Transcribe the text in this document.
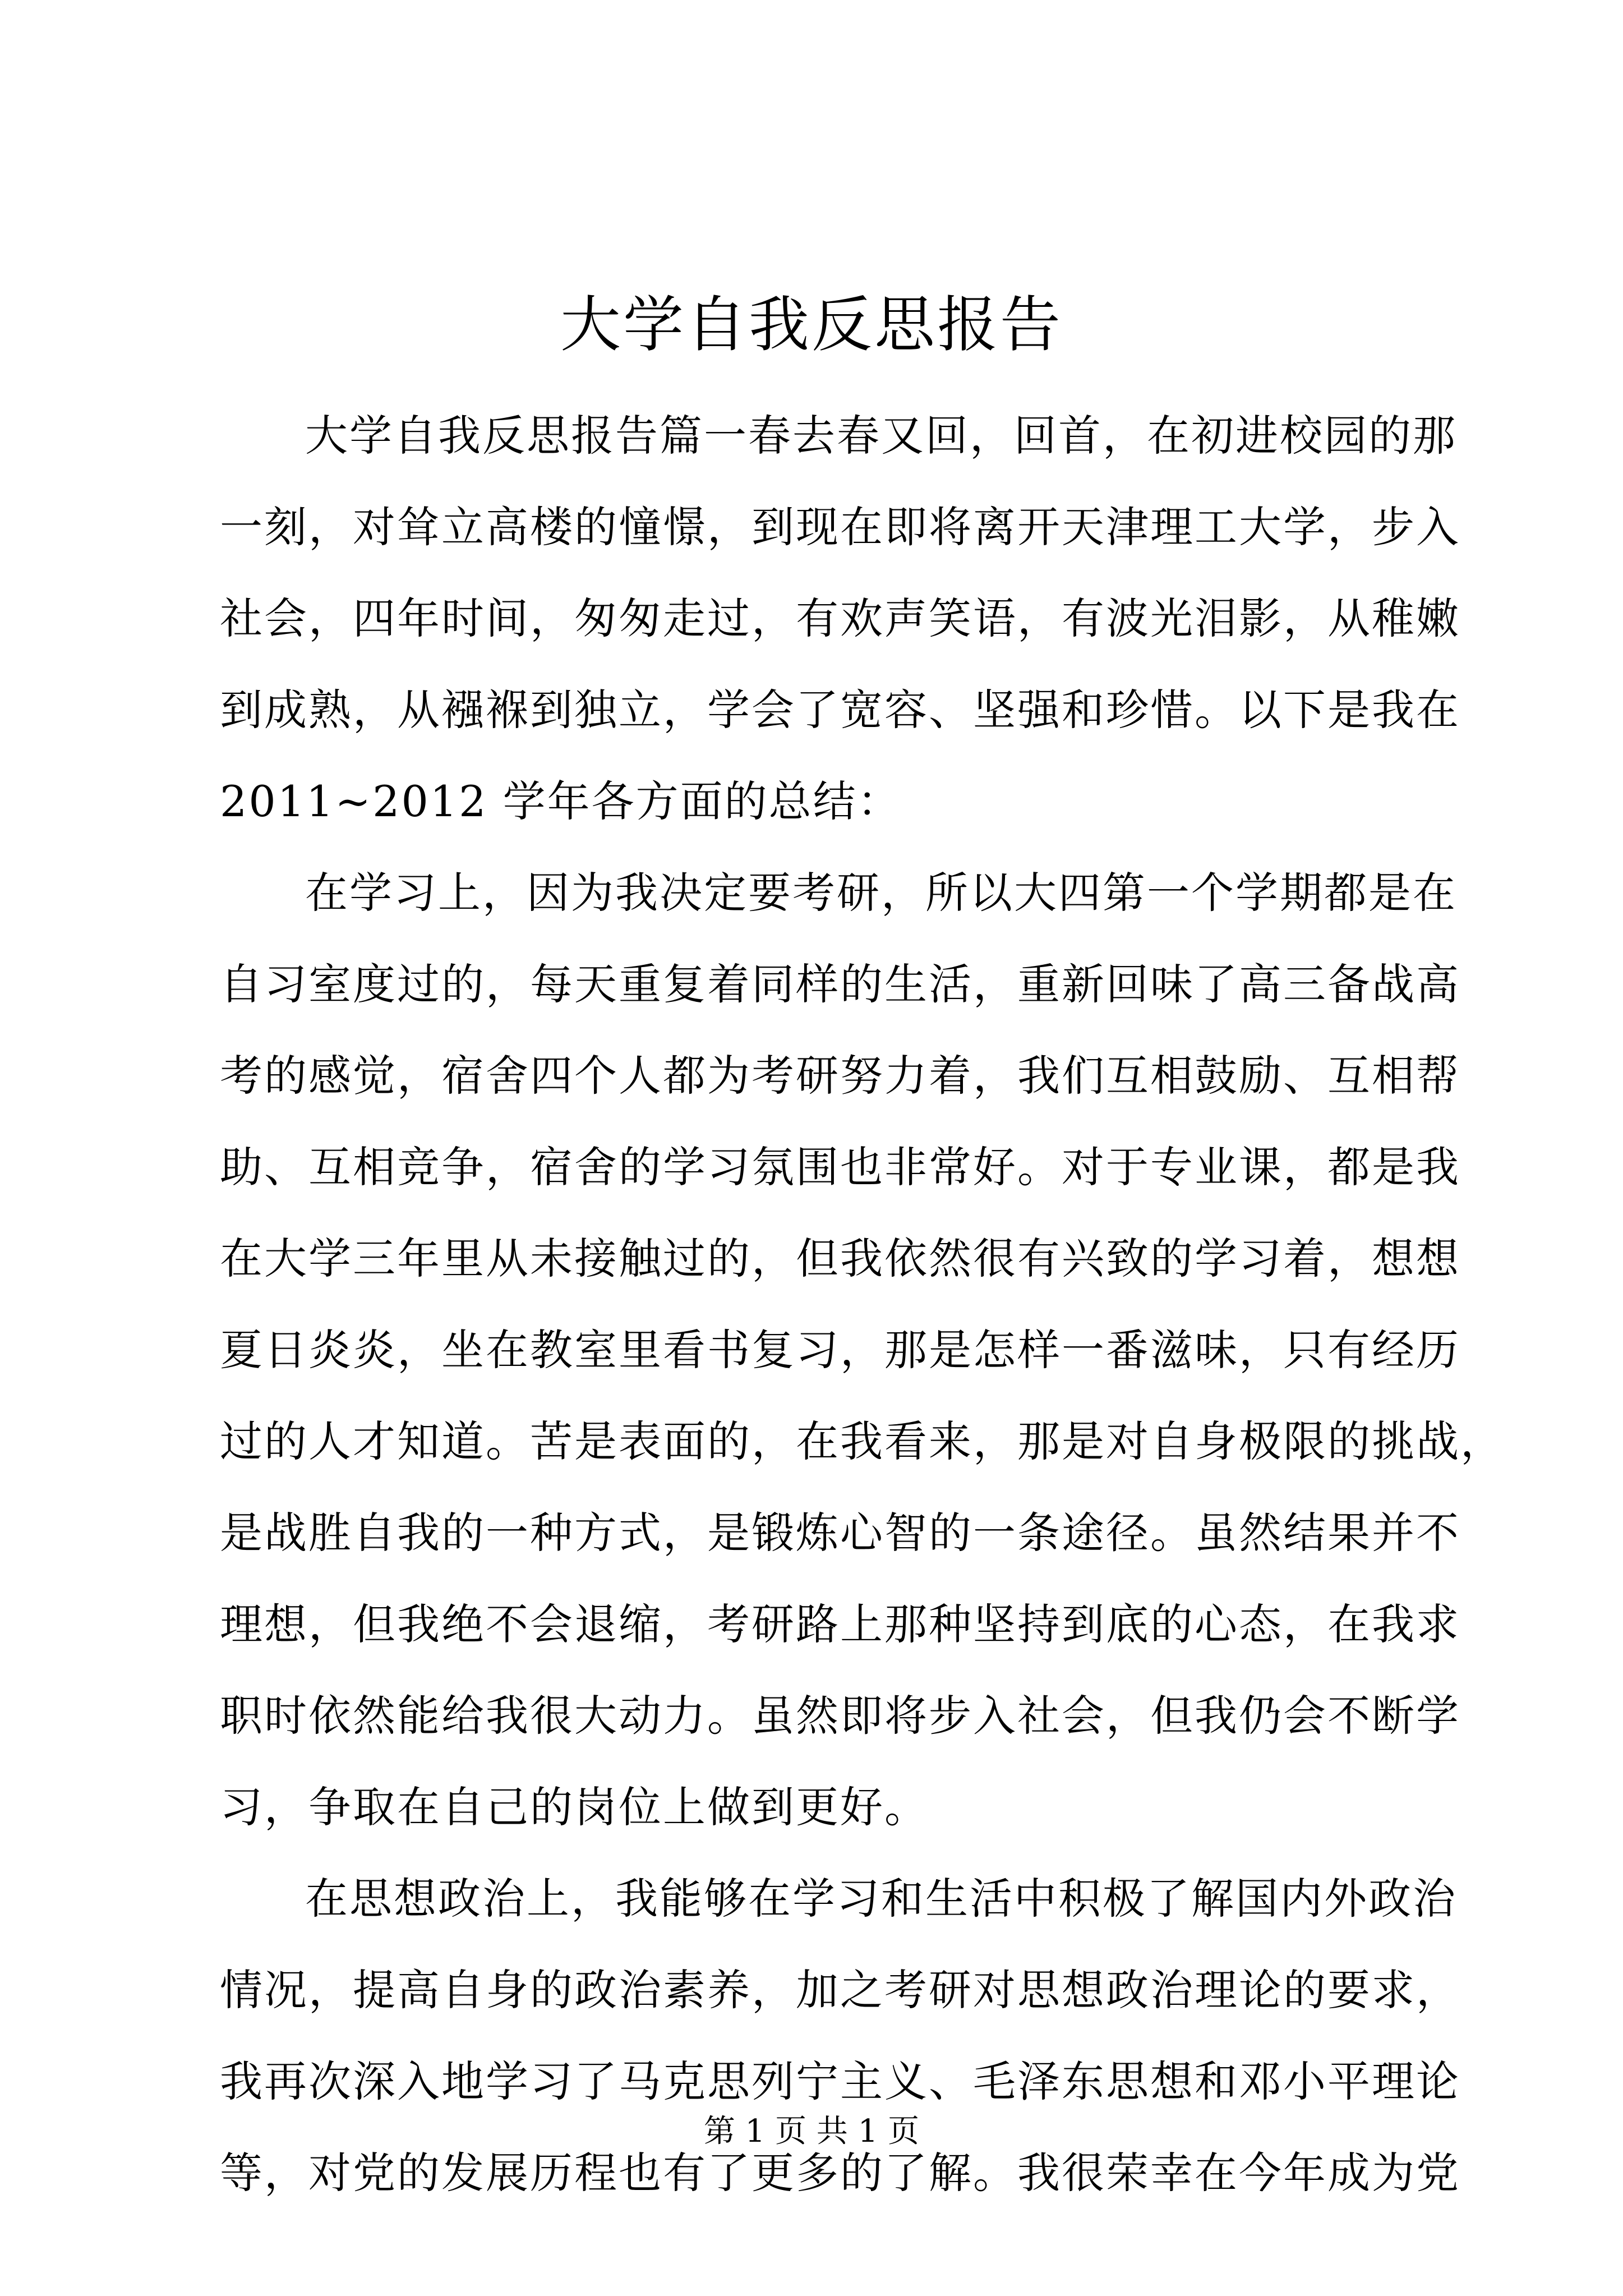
大学自我反思报告
大学自我反思报告篇一春去春又回，回首，在初进校园的那
一刻，对耸立高楼的憧憬，到现在即将离开天津理工大学，步入
社会，四年时间，匆匆走过，有欢声笑语，有波光泪影，从稚嫩
到成熟，从襁褓到独立，学会了宽容、坚强和珍惜。以下是我在
2011~2012 学年各方面的总结：
在学习上，因为我决定要考研，所以大四第一个学期都是在
自习室度过的，每天重复着同样的生活，重新回味了高三备战高
考的感觉，宿舍四个人都为考研努力着，我们互相鼓励、互相帮
助、互相竞争，宿舍的学习氛围也非常好。对于专业课，都是我
在大学三年里从未接触过的，但我依然很有兴致的学习着，想想
夏日炎炎，坐在教室里看书复习，那是怎样一番滋味，只有经历
过的人才知道。苦是表面的，在我看来，那是对自身极限的挑战，
是战胜自我的一种方式，是锻炼心智的一条途径。虽然结果并不
理想，但我绝不会退缩，考研路上那种坚持到底的心态，在我求
职时依然能给我很大动力。虽然即将步入社会，但我仍会不断学
习，争取在自己的岗位上做到更好。
在思想政治上，我能够在学习和生活中积极了解国内外政治
情况，提高自身的政治素养，加之考研对思想政治理论的要求，
我再次深入地学习了马克思列宁主义、毛泽东思想和邓小平理论
等，对党的发展历程也有了更多的了解。我很荣幸在今年成为党
第 1 页 共 1 页
